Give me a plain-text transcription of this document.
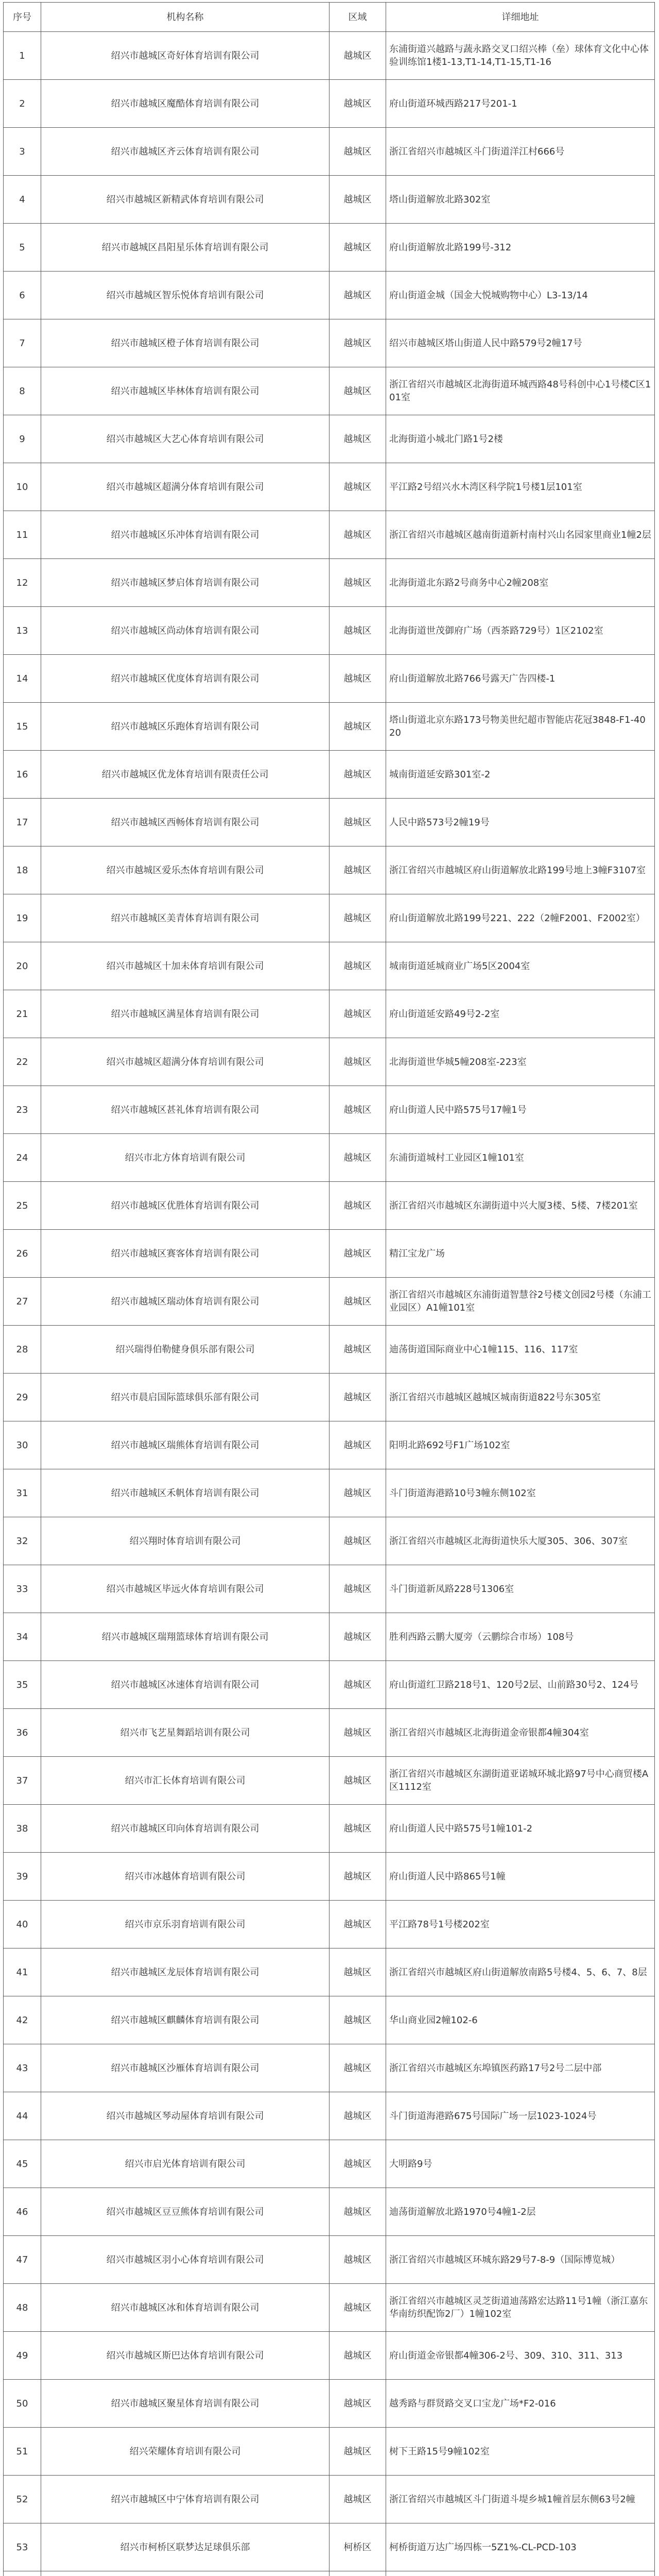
序号	机构名称	区域	详细地址
1	绍兴市越城区奇好体育培训有限公司	越城区	东浦街道兴越路与蔬永路交叉口绍兴棒（垒）球体育文化中心体验训练馆1楼1-13,T1-14,T1-15,T1-16
2	绍兴市越城区魔酷体育培训有限公司	越城区	府山街道环城西路217号201-1
3	绍兴市越城区齐云体育培训有限公司	越城区	浙江省绍兴市越城区斗门街道洋江村666号
4	绍兴市越城区新精武体育培训有限公司	越城区	塔山街道解放北路302室
5	绍兴市越城区昌阳星乐体育培训有限公司	越城区	府山街道解放北路199号-312
6	绍兴市越城区智乐悦体育培训有限公司	越城区	府山街道金城（国金大悦城购物中心）L3-13/14
7	绍兴市越城区橙子体育培训有限公司	越城区	绍兴市越城区塔山街道人民中路579号2幢17号
8	绍兴市越城区毕林体育培训有限公司	越城区	浙江省绍兴市越城区北海街道环城西路48号科创中心1号楼C区101室
9	绍兴市越城区大艺心体育培训有限公司	越城区	北海街道小城北门路1号2楼
10	绍兴市越城区超满分体育培训有限公司	越城区	平江路2号绍兴水木湾区科学院1号楼1层101室
11	绍兴市越城区乐冲体育培训有限公司	越城区	浙江省绍兴市越城区越南街道新村南村兴山名园家里商业1幢2层
12	绍兴市越城区梦启体育培训有限公司	越城区	北海街道北东路2号商务中心2幢208室
13	绍兴市越城区尚动体育培训有限公司	越城区	北海街道世茂御府广场（西茶路729号）1区2102室
14	绍兴市越城区优度体育培训有限公司	越城区	府山街道解放北路766号露天广告四楼-1
15	绍兴市越城区乐跑体育培训有限公司	越城区	塔山街道北京东路173号物美世纪超市智能店花冠3848-F1-4020
16	绍兴市越城区优龙体育培训有限责任公司	越城区	城南街道延安路301室-2
17	绍兴市越城区西畅体育培训有限公司	越城区	人民中路573号2幢19号
18	绍兴市越城区爱乐杰体育培训有限公司	越城区	浙江省绍兴市越城区府山街道解放北路199号地上3幢F3107室
19	绍兴市越城区美青体育培训有限公司	越城区	府山街道解放北路199号221、222（2幢F2001、F2002室）
20	绍兴市越城区十加未体育培训有限公司	越城区	城南街道延城商业广场5区2004室
21	绍兴市越城区满星体育培训有限公司	越城区	府山街道延安路49号2-2室
22	绍兴市越城区超满分体育培训有限公司	越城区	北海街道世华城5幢208室-223室
23	绍兴市越城区甚礼体育培训有限公司	越城区	府山街道人民中路575号17幢1号
24	绍兴市北方体育培训有限公司	越城区	东浦街道城村工业园区1幢101室
25	绍兴市越城区优胜体育培训有限公司	越城区	浙江省绍兴市越城区东湖街道中兴大厦3楼、5楼、7楼201室
26	绍兴市越城区赛客体育培训有限公司	越城区	精江宝龙广场
27	绍兴市越城区瑞动体育培训有限公司	越城区	浙江省绍兴市越城区东浦街道智慧谷2号楼文创园2号楼（东浦工业园区）A1幢101室
28	绍兴瑞得伯勒健身俱乐部有限公司	越城区	迪荡街道国际商业中心1幢115、116、117室
29	绍兴市晨启国际篮球俱乐部有限公司	越城区	浙江省绍兴市越城区越城区城南街道822号东305室
30	绍兴市越城区瑞熊体育培训有限公司	越城区	阳明北路692号F1广场102室
31	绍兴市越城区禾帆体育培训有限公司	越城区	斗门街道海港路10号3幢东侧102室
32	绍兴翔时体育培训有限公司	越城区	浙江省绍兴市越城区北海街道快乐大厦305、306、307室
33	绍兴市越城区毕远火体育培训有限公司	越城区	斗门街道新凤路228号1306室
34	绍兴市越城区瑞翔篮球体育培训有限公司	越城区	胜利西路云鹏大厦旁（云鹏综合市场）108号
35	绍兴市越城区冰速体育培训有限公司	越城区	府山街道红卫路218号1、120号2层、山前路30号2、124号
36	绍兴市飞艺星舞蹈培训有限公司	越城区	浙江省绍兴市越城区北海街道金帝银都4幢304室
37	绍兴市汇长体育培训有限公司	越城区	浙江省绍兴市越城区东湖街道亚诺城环城北路97号中心商贸楼A区1112室
38	绍兴市越城区印向体育培训有限公司	越城区	府山街道人民中路575号1幢101-2
39	绍兴市冰越体育培训有限公司	越城区	府山街道人民中路865号1幢
40	绍兴市京乐羽育培训有限公司	越城区	平江路78号1号楼202室
41	绍兴市越城区龙辰体育培训有限公司	越城区	浙江省绍兴市越城区府山街道解放南路5号楼4、5、6、7、8层
42	绍兴市越城区麒麟体育培训有限公司	越城区	华山商业园2幢102-6
43	绍兴市越城区沙雁体育培训有限公司	越城区	浙江省绍兴市越城区东埠镇医药路17号2号二层中部
44	绍兴市越城区琴动屋体育培训有限公司	越城区	斗门街道海港路675号国际广场一层1023-1024号
45	绍兴市启光体育培训有限公司	越城区	大明路9号
46	绍兴市越城区豆豆熊体育培训有限公司	越城区	迪荡街道解放北路1970号4幢1-2层
47	绍兴市越城区羽小心体育培训有限公司	越城区	浙江省绍兴市越城区环城东路29号7-8-9（国际博览城）
48	绍兴市越城区冰和体育培训有限公司	越城区	浙江省绍兴市越城区灵芝街道迪荡路宏达路11号1幢（浙江嘉东华南纺织配饰2厂）1幢102室
49	绍兴市越城区斯巴达体育培训有限公司	越城区	府山街道金帝银都4幢306-2号、309、310、311、313
50	绍兴市越城区聚星体育培训有限公司	越城区	越秀路与群贤路交叉口宝龙广场*F2-016
51	绍兴荣耀体育培训有限公司	越城区	树下王路15号9幢102室
52	绍兴市越城区中宁体育培训有限公司	越城区	浙江省绍兴市越城区斗门街道斗堤乡城1幢首层东侧63号2幢
53	绍兴市柯桥区联梦达足球俱乐部	柯桥区	柯桥街道万达广场四栋一5Z1%-CL-PCD-103
